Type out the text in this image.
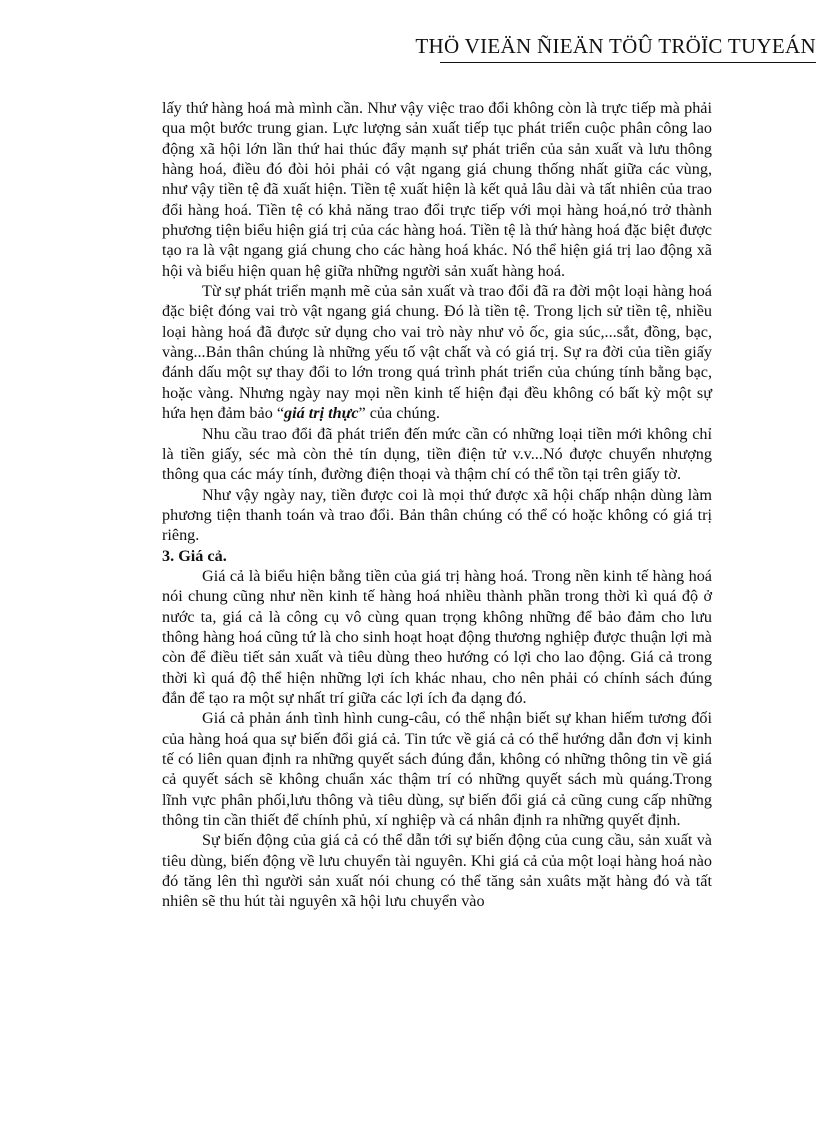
THÖ VIEÄN ÑIEÄN TÖÛ TRÖÏC TUYEÁN

lấy thứ hàng hoá mà mình cần. Như vậy việc trao đổi không còn là trực tiếp mà phải qua một bước trung gian. Lực lượng sản xuất tiếp tục phát triển cuộc phân công lao động xã hội lớn lần thứ hai thúc đẩy mạnh sự phát triển của sản xuất và lưu thông hàng hoá, điều đó đòi hỏi phải có vật ngang giá chung thống nhất giữa các vùng, như vậy tiền tệ đã xuất hiện. Tiền tệ xuất hiện là kết quả lâu dài và tất nhiên của trao đổi hàng hoá. Tiền tệ có khả năng trao đổi trực tiếp với mọi hàng hoá,nó trở thành phương tiện biểu hiện giá trị của các hàng hoá. Tiền tệ là thứ hàng hoá đặc biệt được tạo ra là vật ngang giá chung cho các hàng hoá khác. Nó thể hiện giá trị lao động xã hội và biểu hiện quan hệ giữa những người sản xuất hàng hoá.

Từ sự phát triển mạnh mẽ của sản xuất và trao đổi đã ra đời một loại hàng hoá đặc biệt đóng vai trò vật ngang giá chung. Đó là tiền tệ. Trong lịch sử tiền tệ, nhiều loại hàng hoá đã được sử dụng cho vai trò này như vỏ ốc, gia súc,...sắt, đồng, bạc, vàng...Bản thân chúng là những yếu tố vật chất và có giá trị. Sự ra đời của tiền giấy đánh dấu một sự thay đổi to lớn trong quá trình phát triển của chúng tính bằng bạc, hoặc vàng. Nhưng ngày nay mọi nền kinh tế hiện đại đều không có bất kỳ một sự hứa hẹn đảm bảo “giá trị thực” của chúng.

Nhu cầu trao đổi đã phát triển đến mức cần có những loại tiền mới không chỉ là tiền giấy, séc mà còn thẻ tín dụng, tiền điện tử v.v...Nó được chuyển nhượng thông qua các máy tính, đường điện thoại và thậm chí có thể tồn tại trên giấy tờ.

Như vậy ngày nay, tiền được coi là mọi thứ được xã hội chấp nhận dùng làm phương tiện thanh toán và trao đổi. Bản thân chúng có thể có hoặc không có giá trị riêng.

3. Giá cả.

Giá cả là biểu hiện bằng tiền của giá trị hàng hoá. Trong nền kinh tế hàng hoá nói chung cũng như nền kinh tế hàng hoá nhiều thành phần trong thời kì quá độ ở nước ta, giá cả là công cụ vô cùng quan trọng không những để bảo đảm cho lưu thông hàng hoá cũng tứ là cho sinh hoạt hoạt động thương nghiệp được thuận lợi mà còn để điều tiết sản xuất và tiêu dùng theo hướng có lợi cho lao động. Giá cả trong thời kì quá độ thể hiện những lợi ích khác nhau, cho nên phải có chính sách đúng đắn để tạo ra một sự nhất trí giữa các lợi ích đa dạng đó.

Giá cả phản ánh tình hình cung-câu, có thể nhận biết sự khan hiếm tương đối của hàng hoá qua sự biến đổi giá cả. Tin tức về giá cả có thể hướng dẫn đơn vị kinh tế có liên quan định ra những quyết sách đúng đắn, không có những thông tin về giá cả quyết sách sẽ không chuẩn xác thậm trí có những quyết sách mù quáng.Trong lĩnh vực phân phối,lưu thông và tiêu dùng, sự biến đổi giá cả cũng cung cấp những thông tin cần thiết để chính phủ, xí nghiệp và cá nhân định ra những quyết định.

Sự biến động của giá cả có thể dẫn tới sự biến động của cung cầu, sản xuất và tiêu dùng, biến động về lưu chuyển tài nguyên. Khi giá cả của một loại hàng hoá nào đó tăng lên thì người sản xuất nói chung có thể tăng sản xuâts mặt hàng đó và tất nhiên sẽ thu hút tài nguyên xã hội lưu chuyển vào
